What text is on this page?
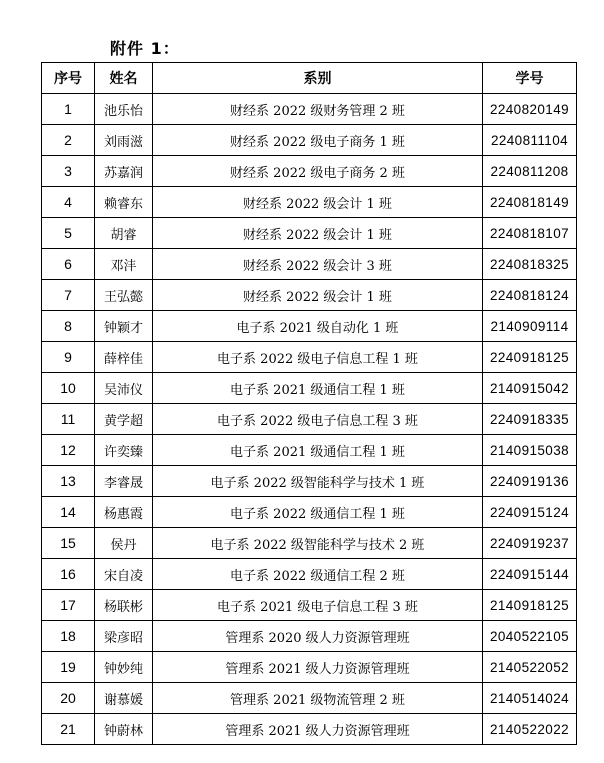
附件 1：
序号	姓名	系别	学号
1	池乐怡	财经系 2022 级财务管理 2 班	2240820149
2	刘雨滋	财经系 2022 级电子商务 1 班	2240811104
3	苏嘉润	财经系 2022 级电子商务 2 班	2240811208
4	赖睿东	财经系 2022 级会计 1 班	2240818149
5	胡睿	财经系 2022 级会计 1 班	2240818107
6	邓沣	财经系 2022 级会计 3 班	2240818325
7	王弘懿	财经系 2022 级会计 1 班	2240818124
8	钟颖才	电子系 2021 级自动化 1 班	2140909114
9	薛梓佳	电子系 2022 级电子信息工程 1 班	2240918125
10	吴沛仪	电子系 2021 级通信工程 1 班	2140915042
11	黄学超	电子系 2022 级电子信息工程 3 班	2240918335
12	许奕臻	电子系 2021 级通信工程 1 班	2140915038
13	李睿晟	电子系 2022 级智能科学与技术 1 班	2240919136
14	杨惠霞	电子系 2022 级通信工程 1 班	2240915124
15	侯丹	电子系 2022 级智能科学与技术 2 班	2240919237
16	宋自凌	电子系 2022 级通信工程 2 班	2240915144
17	杨联彬	电子系 2021 级电子信息工程 3 班	2140918125
18	梁彦昭	管理系 2020 级人力资源管理班	2040522105
19	钟妙纯	管理系 2021 级人力资源管理班	2140522052
20	谢慕媛	管理系 2021 级物流管理 2 班	2140514024
21	钟蔚林	管理系 2021 级人力资源管理班	2140522022
